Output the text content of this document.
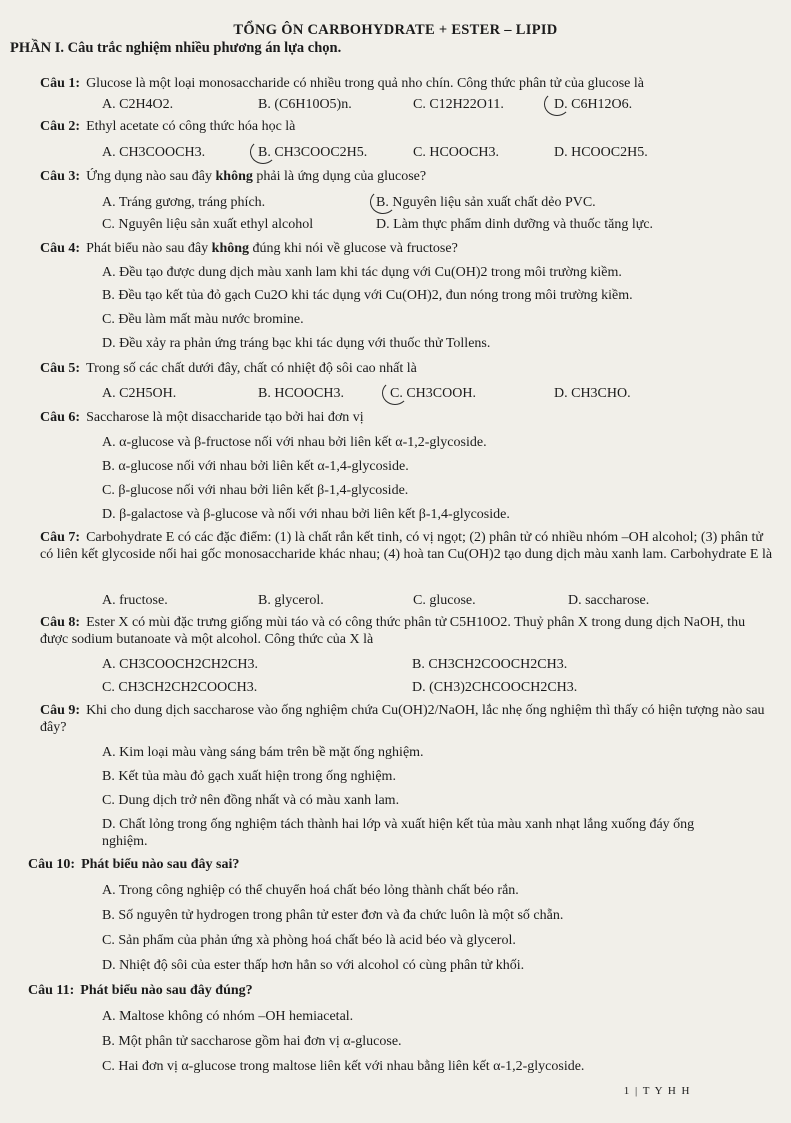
TỔNG ÔN CARBOHYDRATE + ESTER – LIPID
PHẦN I. Câu trắc nghiệm nhiều phương án lựa chọn.
Câu 1: Glucose là một loại monosaccharide có nhiều trong quả nho chín. Công thức phân tử của glucose là
A. C2H4O2.	B. (C6H10O5)n.	C. C12H22O11.	D. C6H12O6.
Câu 2: Ethyl acetate có công thức hóa học là
A. CH3COOCH3.	B. CH3COOC2H5.	C. HCOOCH3.	D. HCOOC2H5.
Câu 3: Ứng dụng nào sau đây không phải là ứng dụng của glucose?
A. Tráng gương, tráng phích.	B. Nguyên liệu sản xuất chất dẻo PVC.
C. Nguyên liệu sản xuất ethyl alcohol	D. Làm thực phẩm dinh dưỡng và thuốc tăng lực.
Câu 4: Phát biểu nào sau đây không đúng khi nói về glucose và fructose?
A. Đều tạo được dung dịch màu xanh lam khi tác dụng với Cu(OH)2 trong môi trường kiềm.
B. Đều tạo kết tủa đỏ gạch Cu2O khi tác dụng với Cu(OH)2, đun nóng trong môi trường kiềm.
C. Đều làm mất màu nước bromine.
D. Đều xảy ra phản ứng tráng bạc khi tác dụng với thuốc thử Tollens.
Câu 5: Trong số các chất dưới đây, chất có nhiệt độ sôi cao nhất là
A. C2H5OH.	B. HCOOCH3.	C. CH3COOH.	D. CH3CHO.
Câu 6: Saccharose là một disaccharide tạo bởi hai đơn vị
A. α-glucose và β-fructose nối với nhau bởi liên kết α-1,2-glycoside.
B. α-glucose nối với nhau bởi liên kết α-1,4-glycoside.
C. β-glucose nối với nhau bởi liên kết β-1,4-glycoside.
D. β-galactose và β-glucose và nối với nhau bởi liên kết β-1,4-glycoside.
Câu 7: Carbohydrate E có các đặc điểm: (1) là chất rắn kết tinh, có vị ngọt; (2) phân tử có nhiều nhóm –OH alcohol; (3) phân tử có liên kết glycoside nối hai gốc monosaccharide khác nhau; (4) hoà tan Cu(OH)2 tạo dung dịch màu xanh lam. Carbohydrate E là
A. fructose.	B. glycerol.	C. glucose.	D. saccharose.
Câu 8: Ester X có mùi đặc trưng giống mùi táo và có công thức phân tử C5H10O2. Thuỷ phân X trong dung dịch NaOH, thu được sodium butanoate và một alcohol. Công thức của X là
A. CH3COOCH2CH2CH3.	B. CH3CH2COOCH2CH3.
C. CH3CH2CH2COOCH3.	D. (CH3)2CHCOOCH2CH3.
Câu 9: Khi cho dung dịch saccharose vào ống nghiệm chứa Cu(OH)2/NaOH, lắc nhẹ ống nghiệm thì thấy có hiện tượng nào sau đây?
A. Kim loại màu vàng sáng bám trên bề mặt ống nghiệm.
B. Kết tủa màu đỏ gạch xuất hiện trong ống nghiệm.
C. Dung dịch trở nên đồng nhất và có màu xanh lam.
D. Chất lỏng trong ống nghiệm tách thành hai lớp và xuất hiện kết tủa màu xanh nhạt lắng xuống đáy ống nghiệm.
Câu 10: Phát biểu nào sau đây sai?
A. Trong công nghiệp có thể chuyển hoá chất béo lỏng thành chất béo rắn.
B. Số nguyên tử hydrogen trong phân tử ester đơn và đa chức luôn là một số chẵn.
C. Sản phẩm của phản ứng xà phòng hoá chất béo là acid béo và glycerol.
D. Nhiệt độ sôi của ester thấp hơn hẳn so với alcohol có cùng phân tử khối.
Câu 11: Phát biểu nào sau đây đúng?
A. Maltose không có nhóm –OH hemiacetal.
B. Một phân tử saccharose gồm hai đơn vị α-glucose.
C. Hai đơn vị α-glucose trong maltose liên kết với nhau bằng liên kết α-1,2-glycoside.
1 | T Y H H
